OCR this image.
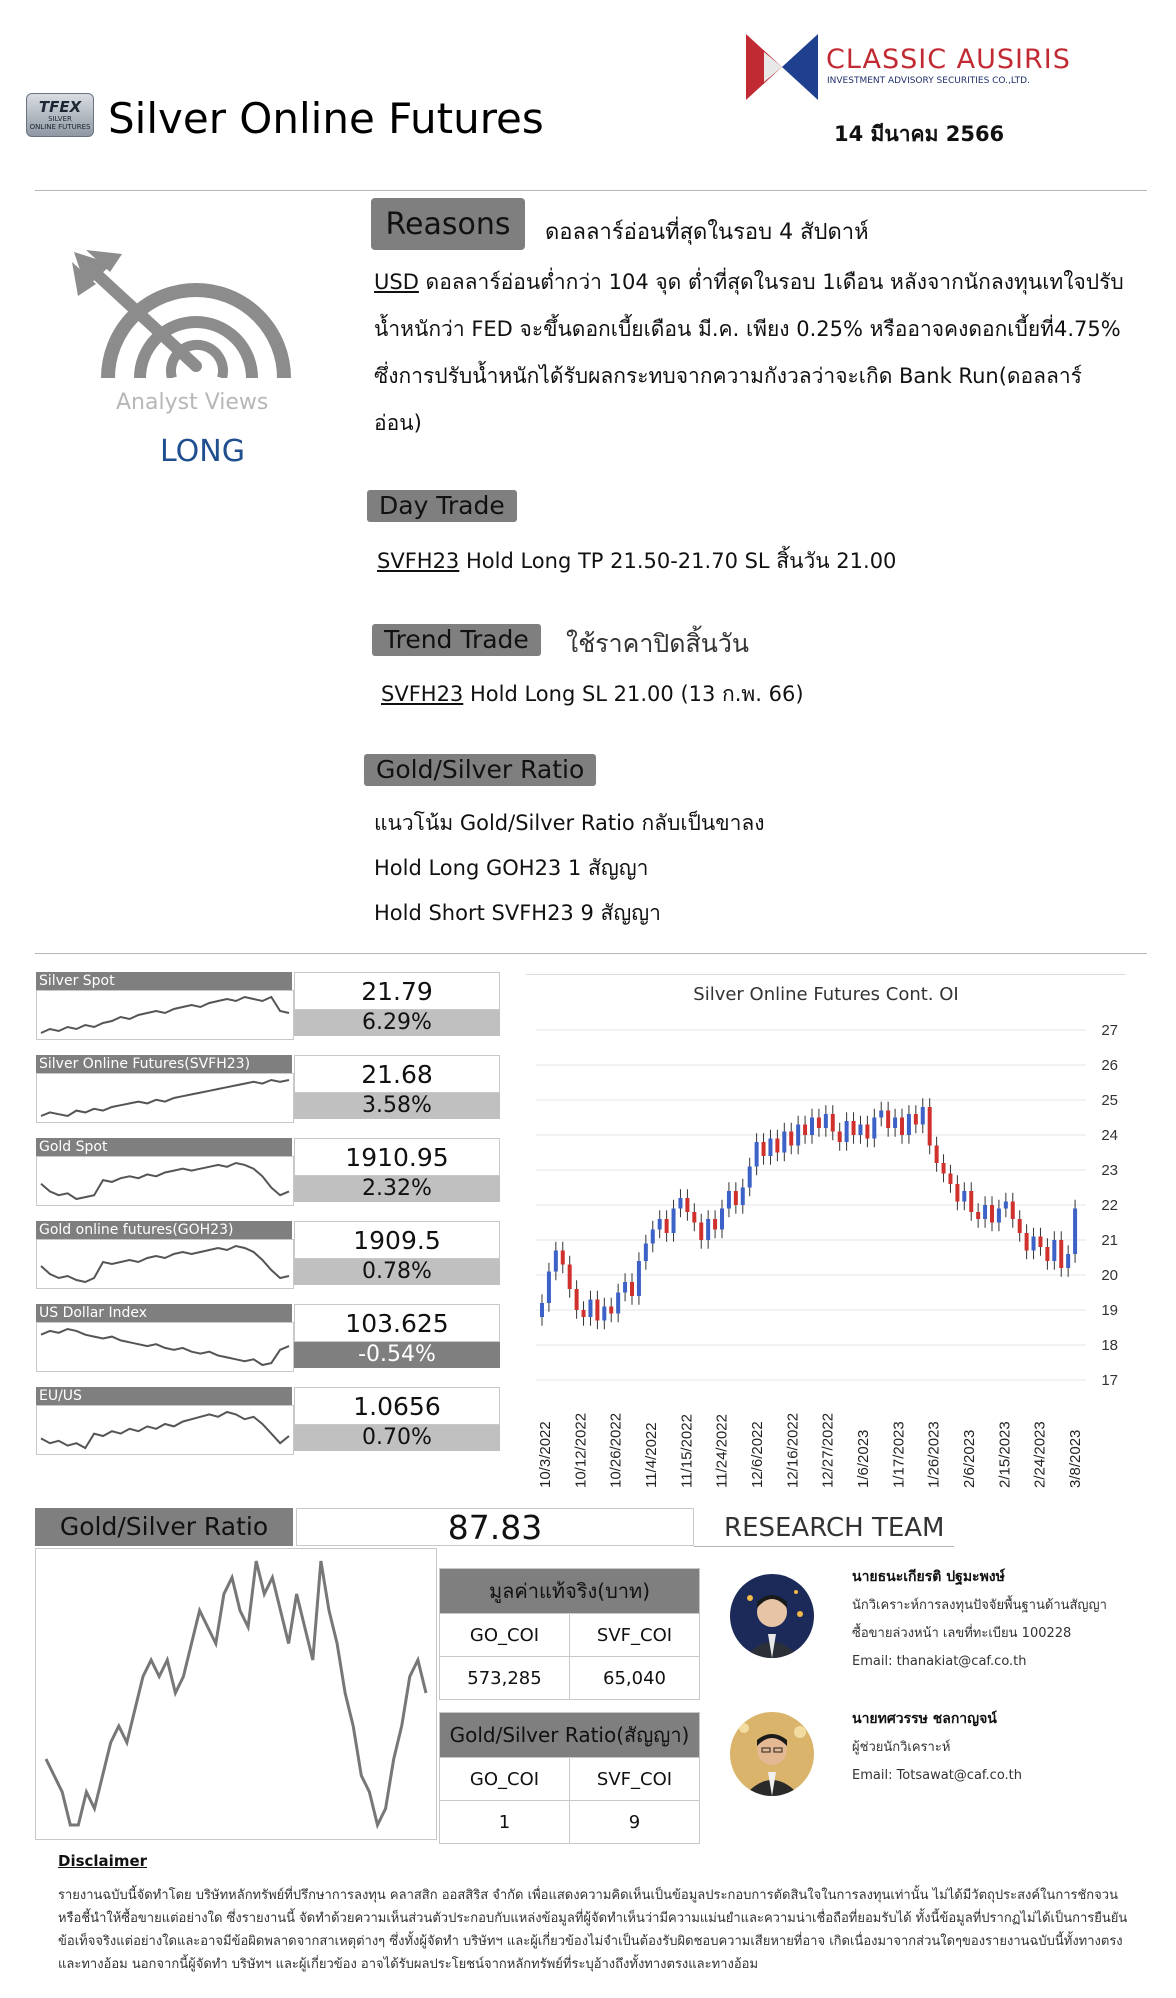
TFEX
SILVER
ONLINE FUTURES Silver Online Futures
CLASSIC AUSIRIS
INVESTMENT ADVISORY SECURITIES CO.,LTD.
14 มีนาคม 2566
Analyst Views
LONG
Reasons	ดอลลาร์อ่อนที่สุดในรอบ 4 สัปดาห์
USD ดอลลาร์อ่อนต่ำกว่า 104 จุด ต่ำที่สุดในรอบ 1เดือน หลังจากนักลงทุนเทใจปรับ
น้ำหนักว่า FED จะขึ้นดอกเบี้ยเดือน มี.ค. เพียง 0.25% หรืออาจคงดอกเบี้ยที่4.75%
ซึ่งการปรับน้ำหนักได้รับผลกระทบจากความกังวลว่าจะเกิด Bank Run(ดอลลาร์
อ่อน)
Day Trade
SVFH23 Hold Long TP 21.50-21.70 SL สิ้นวัน 21.00
Trend Trade	ใช้ราคาปิดสิ้นวัน
SVFH23 Hold Long SL 21.00 (13 ก.พ. 66)
Gold/Silver Ratio
แนวโน้ม Gold/Silver Ratio กลับเป็นขาลง
Hold Long GOH23 1 สัญญา
Hold Short SVFH23 9 สัญญา
Silver Spot	21.79
6.29%
Silver Online Futures(SVFH23)	21.68
3.58%
Gold Spot	1910.95
2.32%
Gold online futures(GOH23)	1909.5
0.78%
US Dollar Index	103.625
-0.54%
EU/US	1.0656
0.70%
Silver Online Futures Cont. OI
17
18
19
20
21
22
23
24
25
26
27
10/3/2022 10/12/2022 10/26/2022 11/4/2022 11/15/2022 11/24/2022 12/6/2022 12/16/2022 12/27/2022 1/6/2023 1/17/2023 1/26/2023 2/6/2023 2/15/2023 2/24/2023 3/8/2023
Gold/Silver Ratio	87.83	RESEARCH TEAM
มูลค่าแท้จริง(บาท)	
GO_COI	SVF_COI
573,285	65,040
Gold/Silver Ratio(สัญญา)	
GO_COI	SVF_COI
1	9
นายธนะเกียรติ ปฐมะพงษ์
นักวิเคราะห์การลงทุนปัจจัยพื้นฐานด้านสัญญา
ซื้อขายล่วงหน้า เลขที่ทะเบียน 100228
Email: thanakiat@caf.co.th
นายทศวรรษ ชลกาญจน์
ผู้ช่วยนักวิเคราะห์
Email: Totsawat@caf.co.th
Disclaimer
รายงานฉบับนี้จัดทำโดย บริษัทหลักทรัพย์ที่ปรึกษาการลงทุน คลาสสิก ออสสิริส จำกัด เพื่อแสดงความคิดเห็นเป็นข้อมูลประกอบการตัดสินใจในการลงทุนเท่านั้น ไม่ได้มีวัตถุประสงค์ในการชักจวน
หรือชี้นำให้ซื้อขายแต่อย่างใด ซึ่งรายงานนี้ จัดทำด้วยความเห็นส่วนตัวประกอบกับแหล่งข้อมูลที่ผู้จัดทำเห็นว่ามีความแม่นยำและความน่าเชื่อถือที่ยอมรับได้ ทั้งนี้ข้อมูลที่ปรากฏไม่ได้เป็นการยืนยัน
ข้อเท็จจริงแต่อย่างใดและอาจมีข้อผิดพลาดจากสาเหตุต่างๆ ซึ่งทั้งผู้จัดทำ บริษัทฯ และผู้เกี่ยวข้องไม่จำเป็นต้องรับผิดชอบความเสียหายที่อาจ เกิดเนื่องมาจากส่วนใดๆของรายงานฉบับนี้ทั้งทางตรง
และทางอ้อม นอกจากนี้ผู้จัดทำ บริษัทฯ และผู้เกี่ยวข้อง อาจได้รับผลประโยชน์จากหลักทรัพย์ที่ระบุอ้างถึงทั้งทางตรงและทางอ้อม
